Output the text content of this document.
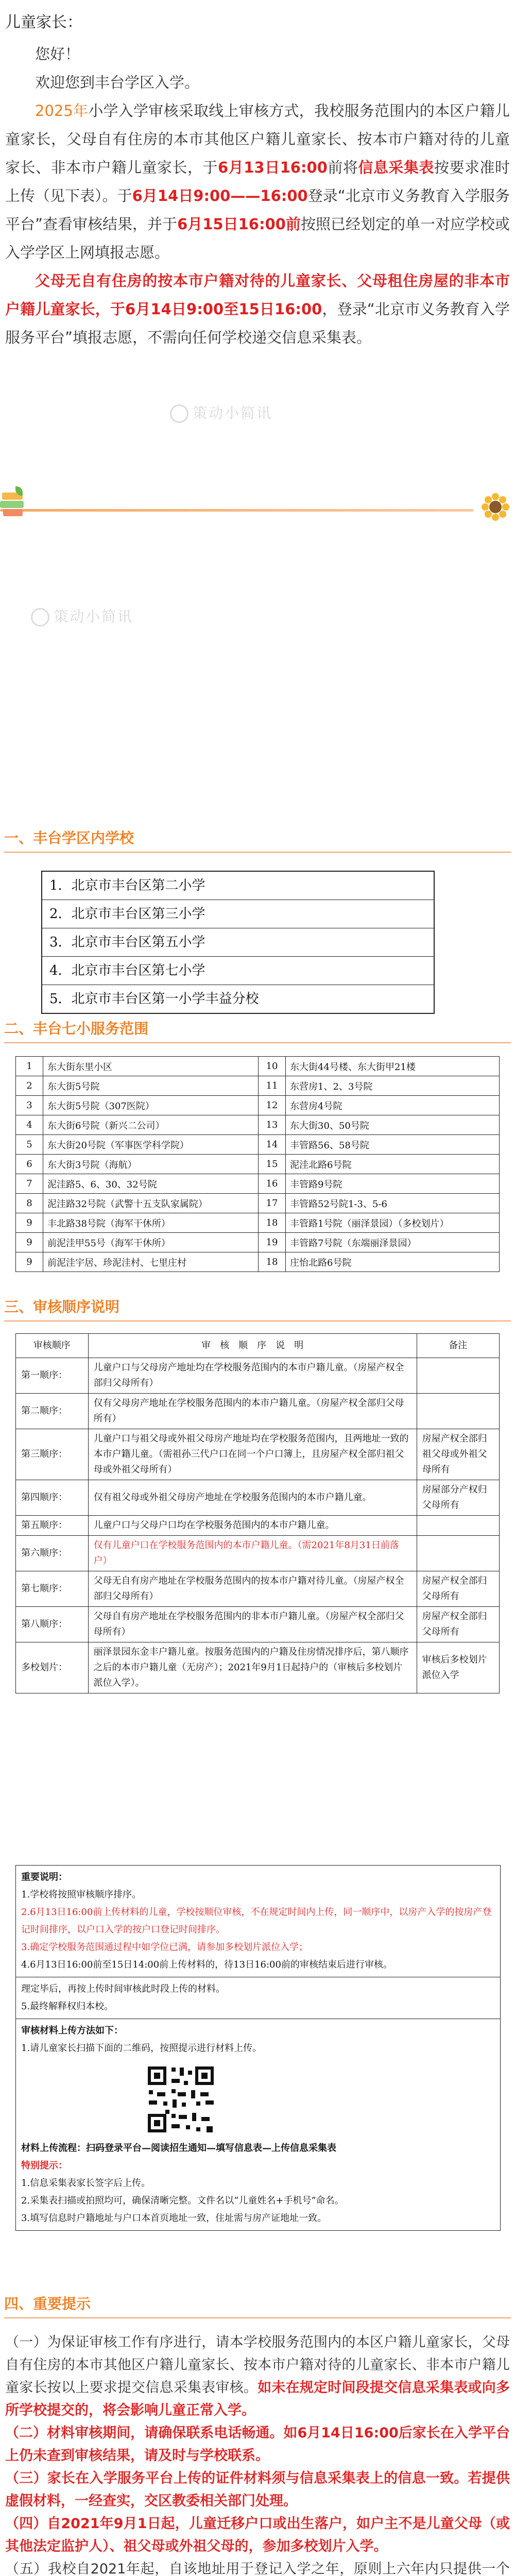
儿童家长：

您好！

欢迎您到丰台学区入学。

2025年小学入学审核采取线上审核方式，我校服务范围内的本区户籍儿童家长，父母自有住房的本市其他区户籍儿童家长、按本市户籍对待的儿童家长、非本市户籍儿童家长，于6月13日16:00前将信息采集表按要求准时上传（见下表）。于6月14日9:00——16:00登录“北京市义务教育入学服务平台”查看审核结果，并于6月15日16:00前按照已经划定的单一对应学校或入学学区上网填报志愿。

父母无自有住房的按本市户籍对待的儿童家长、父母租住房屋的非本市户籍儿童家长，于6月14日9:00至15日16:00，登录“北京市义务教育入学服务平台”填报志愿，不需向任何学校递交信息采集表。

策动小简讯
策动小简讯
一、丰台学区内学校
1．北京市丰台区第二小学
2．北京市丰台区第三小学
3．北京市丰台区第五小学
4．北京市丰台区第七小学
5．北京市丰台区第一小学丰益分校
二、丰台七小服务范围
1	东大街东里小区	10	东大街44号楼、东大街甲21楼
2	东大街5号院	11	东营房1、2、3号院
3	东大街5号院（307医院）	12	东营房4号院
4	东大街6号院（新兴二公司）	13	东大街30、50号院
5	东大街20号院（军事医学科学院）	14	丰管路56、58号院
6	东大街3号院（海航）	15	泥洼北路6号院
7	泥洼路5、6、30、32号院	16	丰管路9号院
8	泥洼路32号院（武警十五支队家属院）	17	丰管路52号院1-3、5-6
9	丰北路38号院（海军干休所）	18	丰管路1号院（丽泽景园）（多校划片）
9	前泥洼甲55号（海军干休所）	19	丰管路7号院（东端丽泽景园）
9	前泥洼宇居、珍泥洼村、七里庄村	18	庄怡北路6号院
三、审核顺序说明
审核顺序	审　核　顺　序　说　明	备注
第一顺序：	儿童户口与父母房产地址均在学校服务范围内的本市户籍儿童。（房屋产权全部归父母所有）	
第二顺序：	仅有父母房产地址在学校服务范围内的本市户籍儿童。（房屋产权全部归父母所有）	
第三顺序：	儿童户口与祖父母或外祖父母房产地址均在学校服务范围内，且两地址一致的本市户籍儿童。（需祖孙三代户口在同一个户口簿上，且房屋产权全部归祖父母或外祖父母所有）	房屋产权全部归祖父母或外祖父母所有
第四顺序：	仅有祖父母或外祖父母房产地址在学校服务范围内的本市户籍儿童。	房屋部分产权归父母所有
第五顺序：	儿童户口与父母户口均在学校服务范围内的本市户籍儿童。	
第六顺序：	仅有儿童户口在学校服务范围内的本市户籍儿童。（需2021年8月31日前落户）	
第七顺序：	父母无自有房产地址在学校服务范围内的按本市户籍对待儿童。（房屋产权全部归父母所有）	房屋产权全部归父母所有
第八顺序：	父母自有房产地址在学校服务范围内的非本市户籍儿童。（房屋产权全部归父母所有）	房屋产权全部归父母所有
多校划片：	丽泽景园东金丰户籍儿童。按服务范围内的户籍及住房情况排序后，第八顺序之后的本市户籍儿童（无房产）；2021年9月1日起持户的（审核后多校划片派位入学）。	审核后多校划片派位入学

重要说明：

1.学校将按照审核顺序排序。

2.6月13日16:00前上传材料的儿童，学校按顺位审核，不在规定时间内上传，同一顺序中，以房产入学的按房产登记时间排序，以户口入学的按户口登记时间排序。

3.确定学校服务范围通过程中如学位已满，请参加多校划片派位入学；

4.6月13日16:00前至15日14:00前上传材料的，待13日16:00前的审核结束后进行审核。

理定毕后，再按上传时间审核此时段上传的材料。

5.最终解释权归本校。

审核材料上传方法如下：

1.请儿童家长扫描下面的二维码，按照提示进行材料上传。

材料上传流程：扫码登录平台—阅读招生通知—填写信息表—上传信息采集表

特别提示：

1.信息采集表家长签字后上传。

2.采集表扫描或拍照均可，确保清晰完整。文件名以“儿童姓名+手机号”命名。

3.填写信息时户籍地址与户口本首页地址一致，住址需与房产证地址一致。

四、重要提示

（一）为保证审核工作有序进行，请本学校服务范围内的本区户籍儿童家长，父母自有住房的本市其他区户籍儿童家长、按本市户籍对待的儿童家长、非本市户籍儿童家长按以上要求提交信息采集表审核。如未在规定时间段提交信息采集表或向多所学校提交的，将会影响儿童正常入学。

（二）材料审核期间，请确保联系电话畅通。如6月14日16:00后家长在入学平台上仍未查到审核结果，请及时与学校联系。

（三）家长在入学服务平台上传的证件材料须与信息采集表上的信息一致。若提供虚假材料，一经查实，交区教委相关部门处理。

（四）自2021年9月1日起，儿童迁移户口或出生落户，如户主不是儿童父母（或其他法定监护人）、祖父母或外祖父母的，参加多校划片入学。

（五）我校自2021年起，自该地址用于登记入学之年，原则上六年内只提供一个
